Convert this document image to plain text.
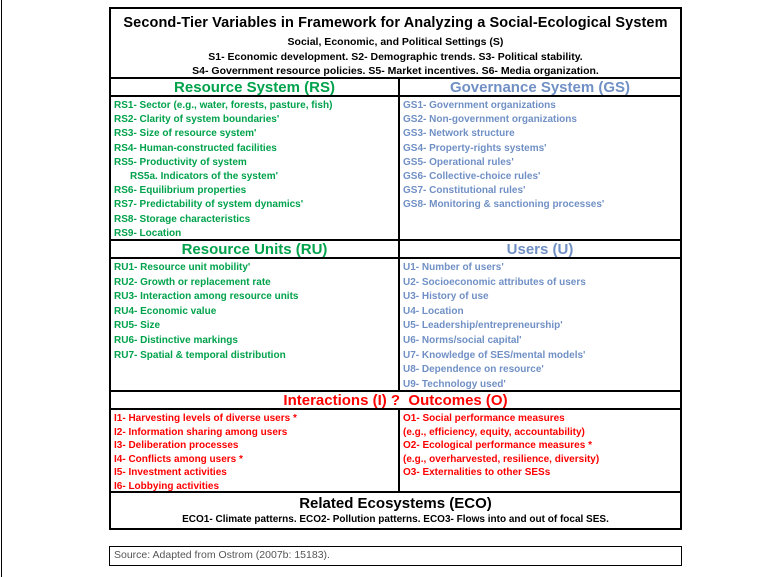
Second-Tier Variables in Framework for Analyzing a Social-Ecological System
Social, Economic, and Political Settings (S)
S1- Economic development. S2- Demographic trends. S3- Political stability.
S4- Government resource policies. S5- Market incentives. S6- Media organization.
Resource System (RS)	Governance System (GS)
RS1- Sector (e.g., water, forests, pasture, fish)
RS2- Clarity of system boundaries'
RS3- Size of resource system'
RS4- Human-constructed facilities
RS5- Productivity of system
RS5a. Indicators of the system'
RS6- Equilibrium properties
RS7- Predictability of system dynamics'
RS8- Storage characteristics
RS9- Location
GS1- Government organizations
GS2- Non-government organizations
GS3- Network structure
GS4- Property-rights systems'
GS5- Operational rules'
GS6- Collective-choice rules'
GS7- Constitutional rules'
GS8- Monitoring & sanctioning processes'
Resource Units (RU)	Users (U)
RU1- Resource unit mobility'
RU2- Growth or replacement rate
RU3- Interaction among resource units
RU4- Economic value
RU5- Size
RU6- Distinctive markings
RU7- Spatial & temporal distribution
U1- Number of users'
U2- Socioeconomic attributes of users
U3- History of use
U4- Location
U5- Leadership/entrepreneurship'
U6- Norms/social capital'
U7- Knowledge of SES/mental models'
U8- Dependence on resource'
U9- Technology used'
Interactions (I) ?  Outcomes (O)
I1- Harvesting levels of diverse users *
I2- Information sharing among users
I3- Deliberation processes
I4- Conflicts among users *
I5- Investment activities
I6- Lobbying activities
O1- Social performance measures
(e.g., efficiency, equity, accountability)
O2- Ecological performance measures *
(e.g., overharvested, resilience, diversity)
O3- Externalities to other SESs
Related Ecosystems (ECO)
ECO1- Climate patterns. ECO2- Pollution patterns. ECO3- Flows into and out of focal SES.
Source: Adapted from Ostrom (2007b: 15183).
